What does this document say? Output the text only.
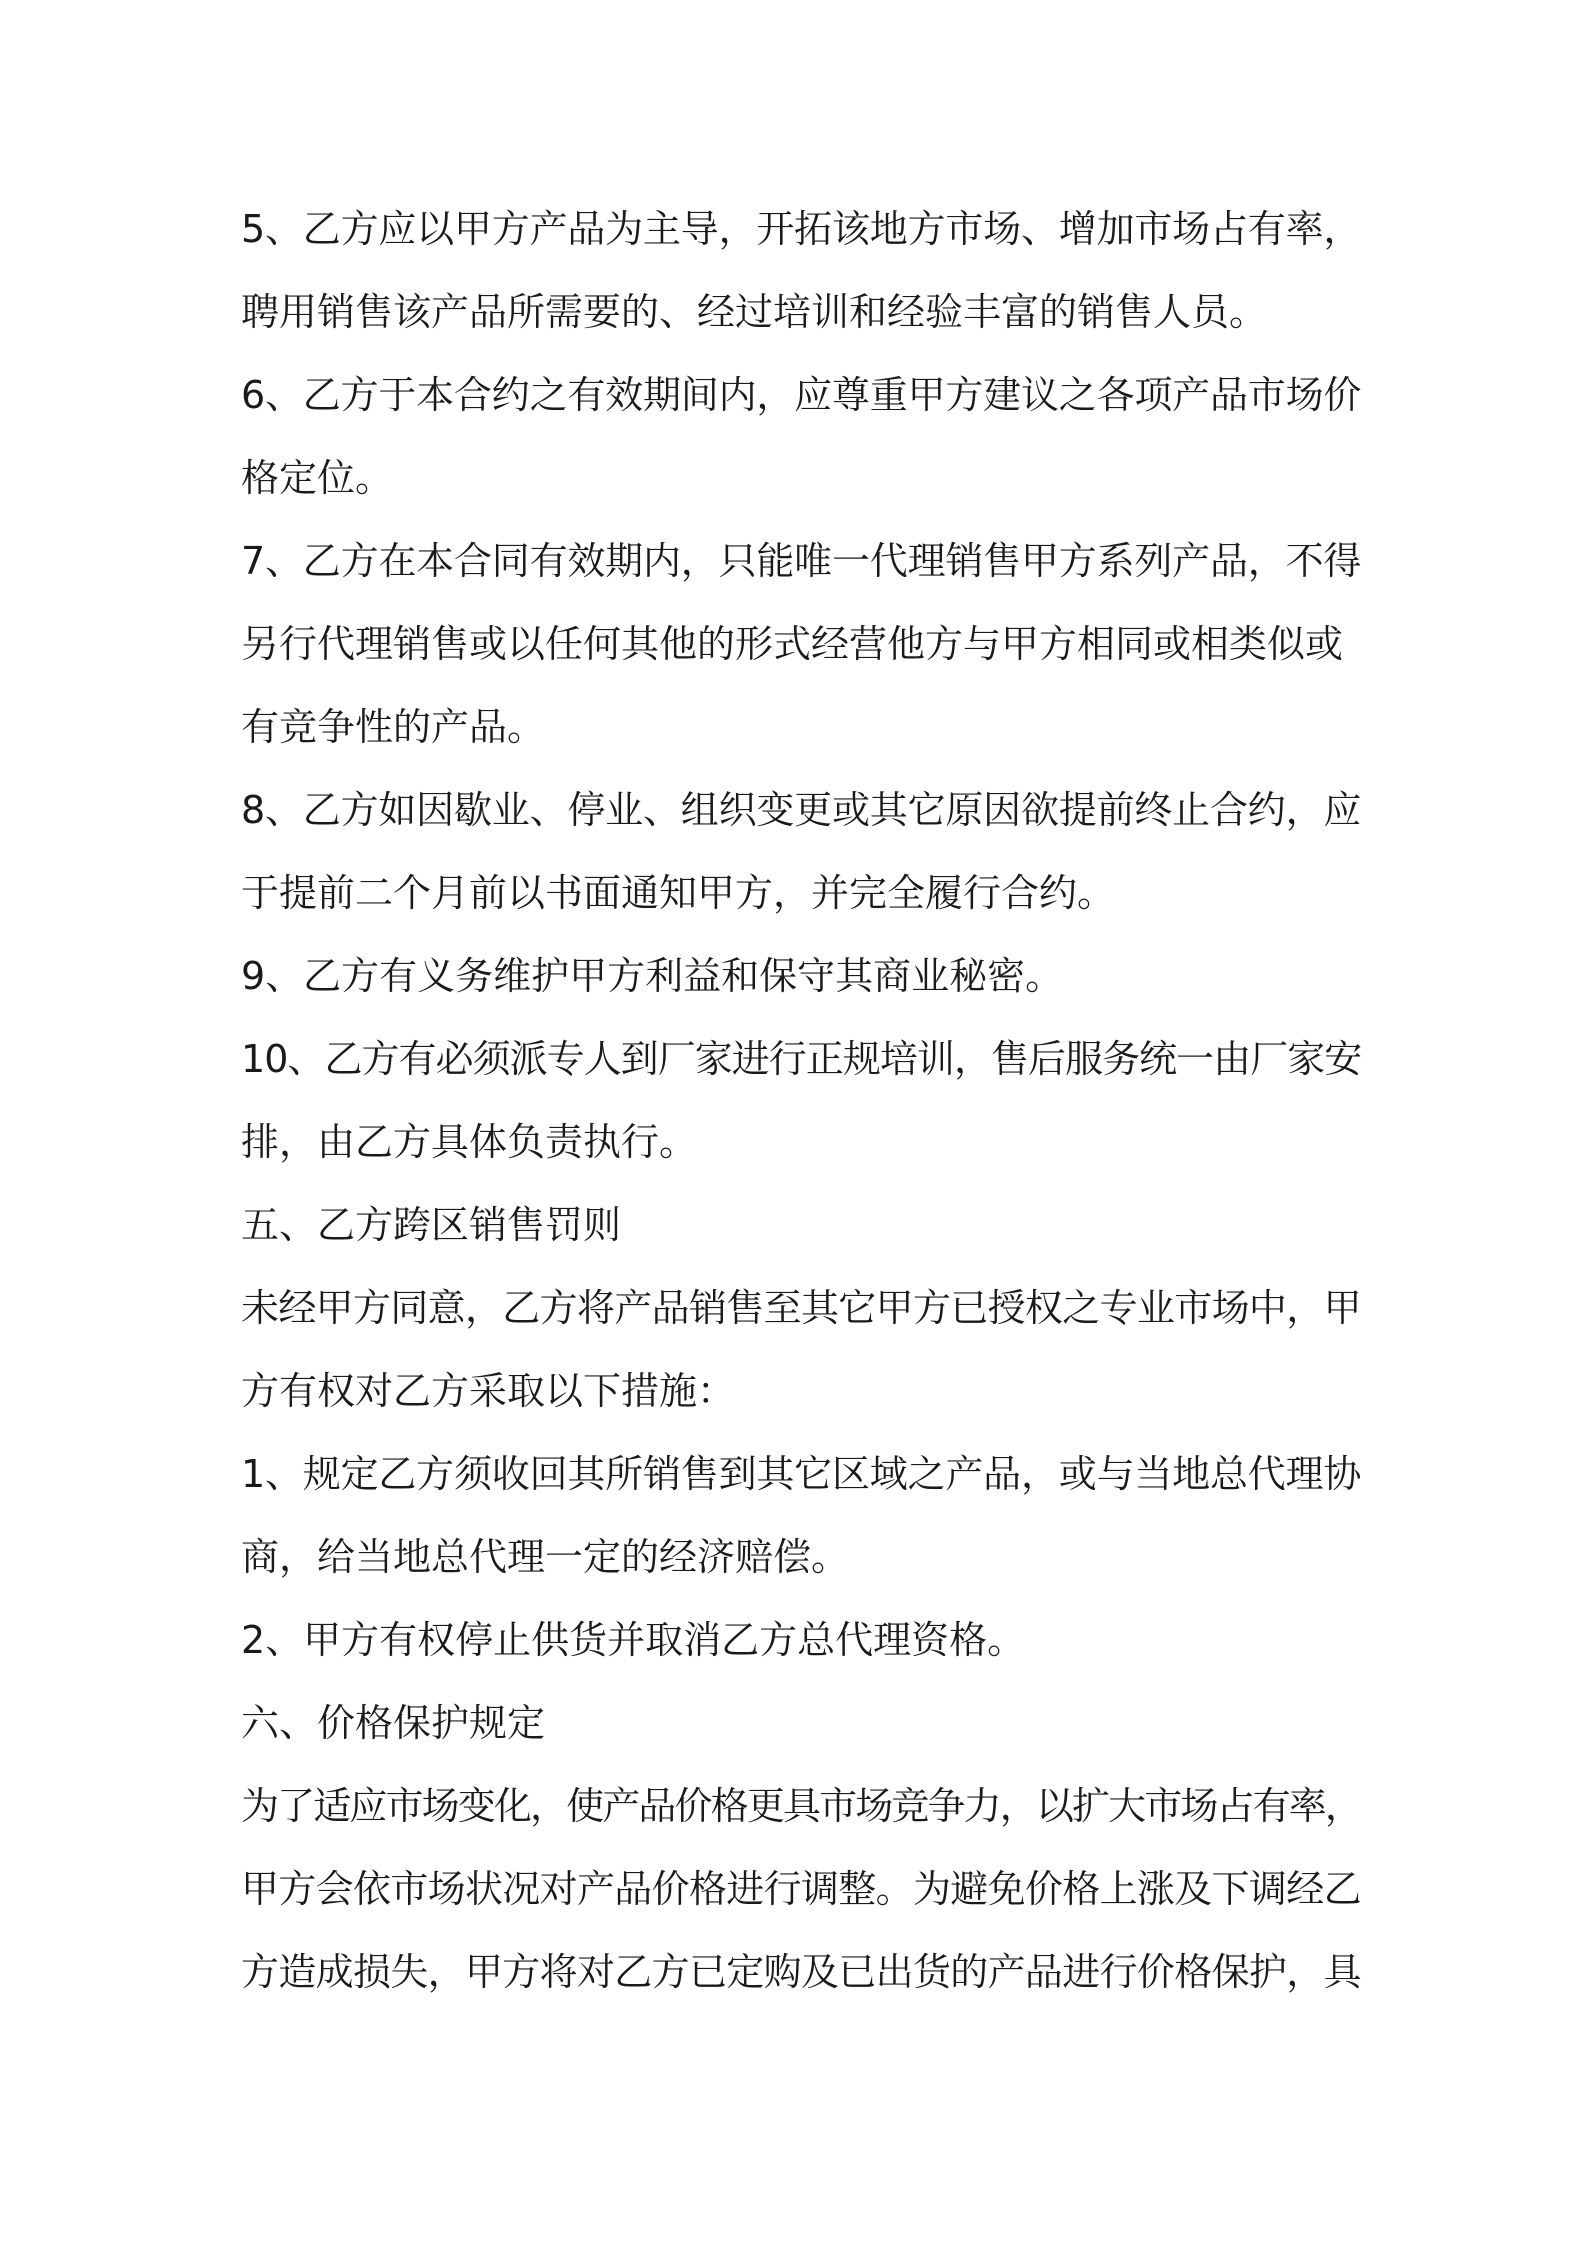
5、乙方应以甲方产品为主导，开拓该地方市场、增加市场占有率，

聘用销售该产品所需要的、经过培训和经验丰富的销售人员。

6、乙方于本合约之有效期间内，应尊重甲方建议之各项产品市场价

格定位。

7、乙方在本合同有效期内，只能唯一代理销售甲方系列产品，不得

另行代理销售或以任何其他的形式经营他方与甲方相同或相类似或

有竞争性的产品。

8、乙方如因歇业、停业、组织变更或其它原因欲提前终止合约，应

于提前二个月前以书面通知甲方，并完全履行合约。

9、乙方有义务维护甲方利益和保守其商业秘密。

10、乙方有必须派专人到厂家进行正规培训，售后服务统一由厂家安

排，由乙方具体负责执行。

五、乙方跨区销售罚则

未经甲方同意，乙方将产品销售至其它甲方已授权之专业市场中，甲

方有权对乙方采取以下措施：

1、规定乙方须收回其所销售到其它区域之产品，或与当地总代理协

商，给当地总代理一定的经济赔偿。

2、甲方有权停止供货并取消乙方总代理资格。

六、价格保护规定

为了适应市场变化，使产品价格更具市场竞争力，以扩大市场占有率，

甲方会依市场状况对产品价格进行调整。为避免价格上涨及下调经乙

方造成损失，甲方将对乙方已定购及已出货的产品进行价格保护，具
